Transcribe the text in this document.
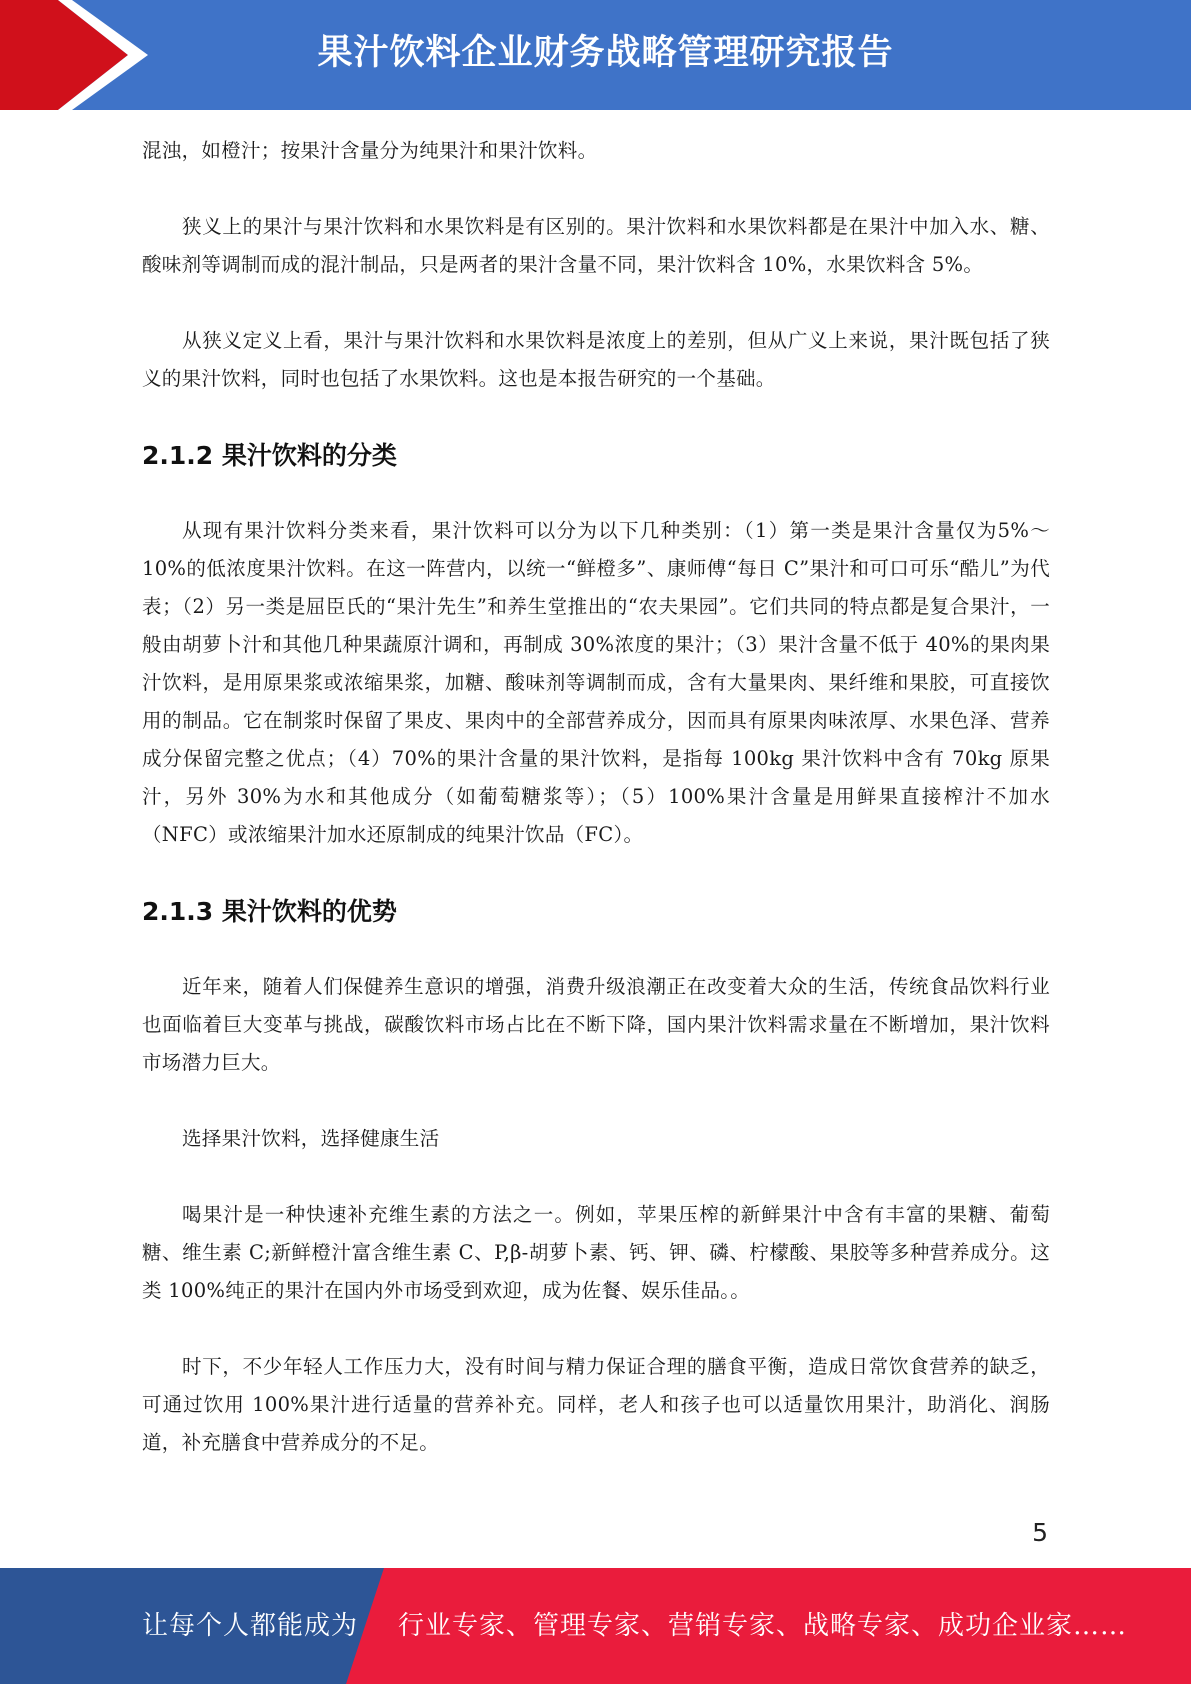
果汁饮料企业财务战略管理研究报告

混浊，如橙汁；按果汁含量分为纯果汁和果汁饮料。

狭义上的果汁与果汁饮料和水果饮料是有区别的。果汁饮料和水果饮料都是在果汁中加入水、糖、酸味剂等调制而成的混汁制品，只是两者的果汁含量不同，果汁饮料含 10%，水果饮料含 5%。

从狭义定义上看，果汁与果汁饮料和水果饮料是浓度上的差别，但从广义上来说，果汁既包括了狭义的果汁饮料，同时也包括了水果饮料。这也是本报告研究的一个基础。

2.1.2 果汁饮料的分类

从现有果汁饮料分类来看，果汁饮料可以分为以下几种类别：（1）第一类是果汁含量仅为5%～10%的低浓度果汁饮料。在这一阵营内，以统一“鲜橙多”、康师傅“每日 C”果汁和可口可乐“酷儿”为代表；（2）另一类是屈臣氏的“果汁先生”和养生堂推出的“农夫果园”。它们共同的特点都是复合果汁，一般由胡萝卜汁和其他几种果蔬原汁调和，再制成 30%浓度的果汁；（3）果汁含量不低于 40%的果肉果汁饮料，是用原果浆或浓缩果浆，加糖、酸味剂等调制而成，含有大量果肉、果纤维和果胶，可直接饮用的制品。它在制浆时保留了果皮、果肉中的全部营养成分，因而具有原果肉味浓厚、水果色泽、营养成分保留完整之优点；（4）70%的果汁含量的果汁饮料，是指每 100kg 果汁饮料中含有 70kg 原果汁，另外 30%为水和其他成分（如葡萄糖浆等）；（5）100%果汁含量是用鲜果直接榨汁不加水（NFC）或浓缩果汁加水还原制成的纯果汁饮品（FC）。

2.1.3 果汁饮料的优势

近年来，随着人们保健养生意识的增强，消费升级浪潮正在改变着大众的生活，传统食品饮料行业也面临着巨大变革与挑战，碳酸饮料市场占比在不断下降，国内果汁饮料需求量在不断增加，果汁饮料市场潜力巨大。

选择果汁饮料，选择健康生活

喝果汁是一种快速补充维生素的方法之一。例如，苹果压榨的新鲜果汁中含有丰富的果糖、葡萄糖、维生素 C;新鲜橙汁富含维生素 C、P,β-胡萝卜素、钙、钾、磷、柠檬酸、果胶等多种营养成分。这类 100%纯正的果汁在国内外市场受到欢迎，成为佐餐、娱乐佳品。。

时下，不少年轻人工作压力大，没有时间与精力保证合理的膳食平衡，造成日常饮食营养的缺乏，可通过饮用 100%果汁进行适量的营养补充。同样，老人和孩子也可以适量饮用果汁，助消化、润肠道，补充膳食中营养成分的不足。

5
让每个人都能成为 行业专家、管理专家、营销专家、战略专家、成功企业家……
